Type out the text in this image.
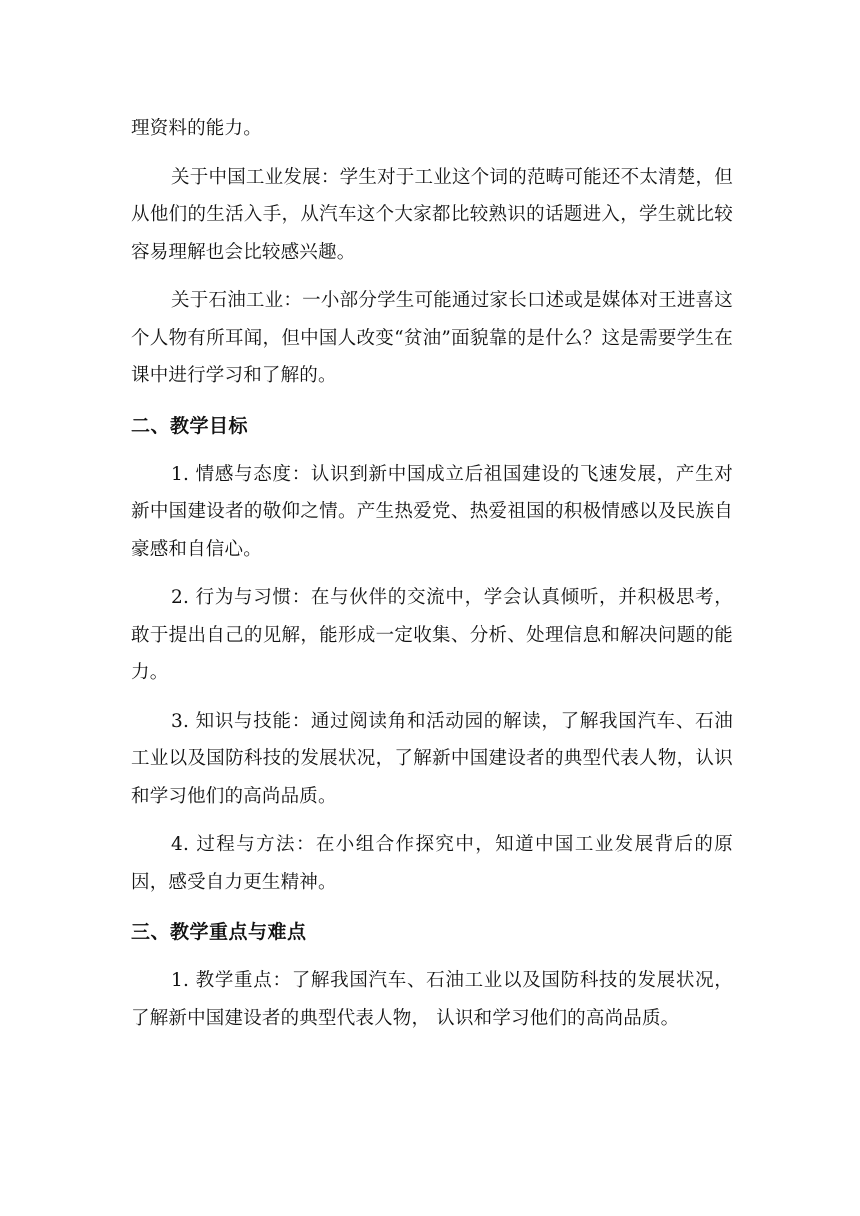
理资料的能力。

关于中国工业发展：学生对于工业这个词的范畴可能还不太清楚，但从他们的生活入手，从汽车这个大家都比较熟识的话题进入，学生就比较容易理解也会比较感兴趣。

关于石油工业：一小部分学生可能通过家长口述或是媒体对王进喜这个人物有所耳闻，但中国人改变“贫油”面貌靠的是什么？这是需要学生在课中进行学习和了解的。

二、教学目标

1. 情感与态度：认识到新中国成立后祖国建设的飞速发展，产生对新中国建设者的敬仰之情。产生热爱党、热爱祖国的积极情感以及民族自豪感和自信心。

2. 行为与习惯：在与伙伴的交流中，学会认真倾听，并积极思考，敢于提出自己的见解，能形成一定收集、分析、处理信息和解决问题的能力。

3. 知识与技能：通过阅读角和活动园的解读，了解我国汽车、石油工业以及国防科技的发展状况，了解新中国建设者的典型代表人物，认识和学习他们的高尚品质。

4. 过程与方法：在小组合作探究中，知道中国工业发展背后的原因，感受自力更生精神。

三、教学重点与难点

1. 教学重点：了解我国汽车、石油工业以及国防科技的发展状况，了解新中国建设者的典型代表人物， 认识和学习他们的高尚品质。
